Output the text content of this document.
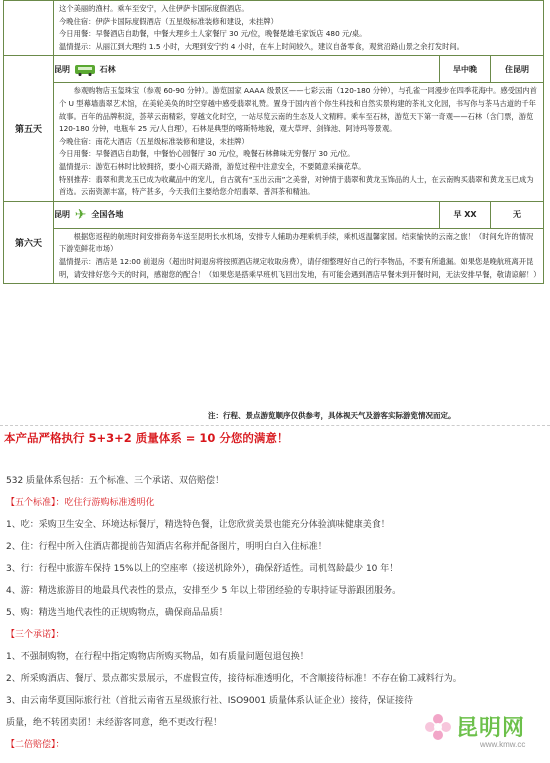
这个美丽的渔村。乘车至安宁，入住伊萨卡国际度假酒店。

今晚住宿：伊萨卡国际度假酒店（五星级标准装修和建设，未挂牌）

今日用餐：早餐酒店自助餐，中餐大理乡土人家餐厅 30 元/位，晚餐楚雄毛家饭店 480 元/桌。

温情提示：从丽江到大理约 1.5 小时，大理到安宁约 4 小时，在车上时间较久，建议自备零食，观赏沿路山景之余打发时间。

第五天	
昆明	石林	早中晚	住昆明

参观购物店玉玺珠宝（参观 60-90 分钟）。游览国家 AAAA 级景区——七彩云南（120-180 分钟），与孔雀一同漫步在四季花海中。感受国内首个 U 型幕墙翡翠艺术馆，在美轮美奂的时空穿越中感受翡翠礼赞。置身于国内首个你生科技和自然实景构建的茶礼文化园，书写你与茶马古道的千年故事。百年的品牌积淀，荟萃云南精彩，穿越文化时空，一站尽览云南的生态及人文精粹。乘车至石林，游览天下第一奇观——石林（含门票，游览 120-180 分钟，电瓶车 25 元/人自理），石林是典型的喀斯特地貌，观大草坪、剑锋池、阿诗玛等景观。

今晚住宿：南花大酒店（五星级标准装修和建设，未挂牌）

今日用餐：早餐酒店自助餐，中餐怡心园餐厅 30 元/位，晚餐石林彝味无穷餐厅 30 元/位。

温情提示：游览石林时比较拥挤，要小心雨天路滑，游览过程中注意安全，不要随意采摘花草。

特别推荐：翡翠和黄龙玉已成为收藏品中的宠儿，自古就有“玉出云南”之美誉，对钟情于翡翠和黄龙玉饰品的人士，在云南购买翡翠和黄龙玉已成为首选。云南资源丰富，特产甚多，今天我们主要给您介绍翡翠、普洱茶和精油。

第六天	
昆明 ✈ 全国各地	早 XX	无

根据您返程的航班时间安排商务车送至昆明长水机场，安排专人辅助办理乘机手续，乘机返温馨家园。结束愉快的云南之旅！（时间允许的情况下游览鲜花市场）

温情提示：酒店是 12:00 前退房（超出时间退房将按照酒店规定收取房费），请仔细整理好自己的行李物品，不要有所遗漏。如果您是晚航班离开昆明，请安排好您今天的时间，感谢您的配合！（如果您是搭乘早班机飞回出发地，有可能会遇到酒店早餐未到开餐时间，无法安排早餐，敬请谅解！）

注：行程、景点游览顺序仅供参考，具体视天气及游客实际游览情况而定。
本产品严格执行 5+3+2 质量体系 = 10 分您的满意！

532 质量体系包括：五个标准、三个承诺、双倍赔偿！

【五个标准】：吃住行游购标准透明化

1、吃：采购卫生安全、环境达标餐厅，精选特色餐，让您欣赏美景也能充分体验滇味健康美食！

2、住：行程中所入住酒店都提前告知酒店名称并配备图片，明明白白入住标准！

3、行：行程中旅游车保持 15%以上的空座率（接送机除外），确保舒适性。司机驾龄最少 10 年！

4、游：精选旅游目的地最具代表性的景点，安排至少 5 年以上带团经验的专职持证导游跟团服务。

5、购：精选当地代表性的正规购物点，确保商品品质！

【三个承诺】：

1、不强制购物，在行程中指定购物店所购买物品，如有质量问题包退包换！

2、所采购酒店、餐厅、景点都实景展示，不虚假宣传，接待标准透明化，不含顺接待标准！不存在偷工减料行为。

3、由云南华夏国际旅行社（首批云南省五星级旅行社、ISO9001 质量体系认证企业）接待，保证接待质量，绝不转团卖团！未经游客同意，绝不更改行程！

【二倍赔偿】：

昆明网
www.kmw.cc
